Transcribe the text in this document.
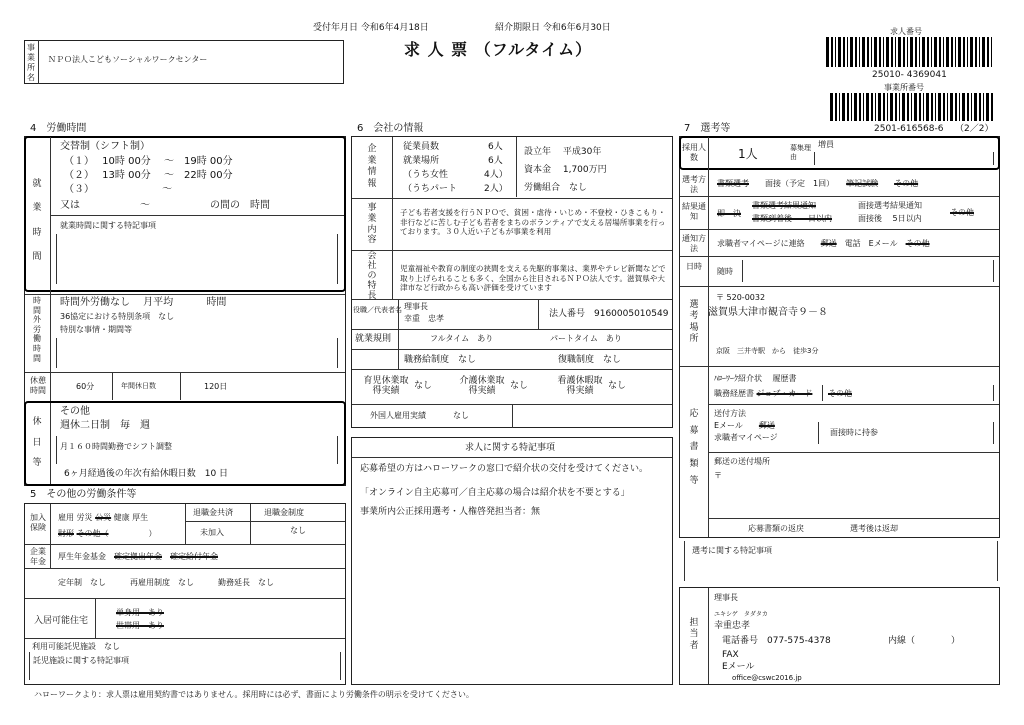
受付年月日 令和6年4月18日	紹介期限日 令和6年6月30日
求 人 票 （フルタイム）
事業所名
ＮＰＯ法人こどもソーシャルワークセンター
求人番号
25010- 4369041
事業所番号
2501-616568-6 （2／2）
4　労働時間
就業時間
交替制（シフト制）
（１）　 10時 00分　 ～　19時 00分
（２）　 13時 00分　 ～　22時 00分
（３）　　　　　　　 ～
又は　　　　　　～　　　　　　の間の　時間
就業時間に関する特記事項
時間外労働時間
時間外労働なし　 月平均　　　 時間
36協定における特別条項　なし
特別な事情・期間等
休憩時間	60分	年間休日数	120日
休日等
その他
週休二日制　毎　週
月１６０時間勤務でシフト調整
6ヶ月経過後の年次有給休暇日数　10 日
5　その他の労働条件等
加入保険
雇用 労災 公災 健康 厚生
財形 その他（	）
退職金共済
未加入
退職金制度
なし
企業年金
厚生年金基金　 確定拠出年金　 確定給付年金
定年制　なし　　　再雇用制度　なし　　　勤務延長　なし
入居可能住宅
単身用　あり
世帯用　あり
利用可能託児施設　なし
託児施設に関する特記事項
6　会社の情報
企業情報
従業員数	6人
就業場所	6人
（うち女性	4人）
（うちパート	2人）
設立年　 平成30年
資本金　 1,700万円
労働組合　なし
事業内容
子ども若者支援を行うＮＰＯで、貧困・虐待・いじめ・不登校・ひきこもり・非行などに苦しむ子ども若者をまちのボランティアで支える居場所事業を行っております。３０人近い子どもが事業を利用
会社の特長
児童福祉や教育の制度の狭間を支える先駆的事業は、業界やテレビ新聞などで取り上げられることも多く、全国から注目されるＮＰＯ法人です。滋賀県や大津市など行政からも高い評価を受けています
役職／代表者名 理事長
幸重　忠孝	法人番号　9160005010549
就業規則	フルタイム　あり	パートタイム　あり
職務給制度　なし	復職制度　なし
育児休業取得実績
なし	介護休業取得実績
なし	看護休暇取得実績
なし
外国人雇用実績	なし
求人に関する特記事項
応募希望の方はハローワークの窓口で紹介状の交付を受けてください。
「オンライン自主応募可／自主応募の場合は紹介状を不要とする」
事業所内公正採用選考・人権啓発担当者：無
7　選考等
採用人数	1人	募集理由
増員
選考方法
書類選考　　 面接（予定　1回）　　 筆記試験　　 その他
結果通知	即　決
書類選考結果通知
書類到着後　　日以内
面接選考結果通知
面接後　 5日以内
その他
通知方法
求職者マイページに連絡　　 郵送　 電話　Eメール　 その他
日時
随時
選考場所
〒 520-0032
滋賀県大津市観音寺９－８
京阪　三井寺駅　から　徒歩3分
応募書類等
ﾊﾛｰﾜｰｸ紹介状　 履歴書
職務経歴書 ジョブ・カード その他
送付方法
Eメール　　 郵送
求職者マイページ
面接時に持参
郵送の送付場所
〒
応募書類の返戻	選考後は返却
選考に関する特記事項
担当者
理事長
ユキシゲ　タダタカ
幸重忠孝
電話番号　077-575-4378	内線（　　　　）
FAX
Eメール
office@cswc2016.jp
ハローワークより：求人票は雇用契約書ではありません。採用時には必ず、書面により労働条件の明示を受けてください。
